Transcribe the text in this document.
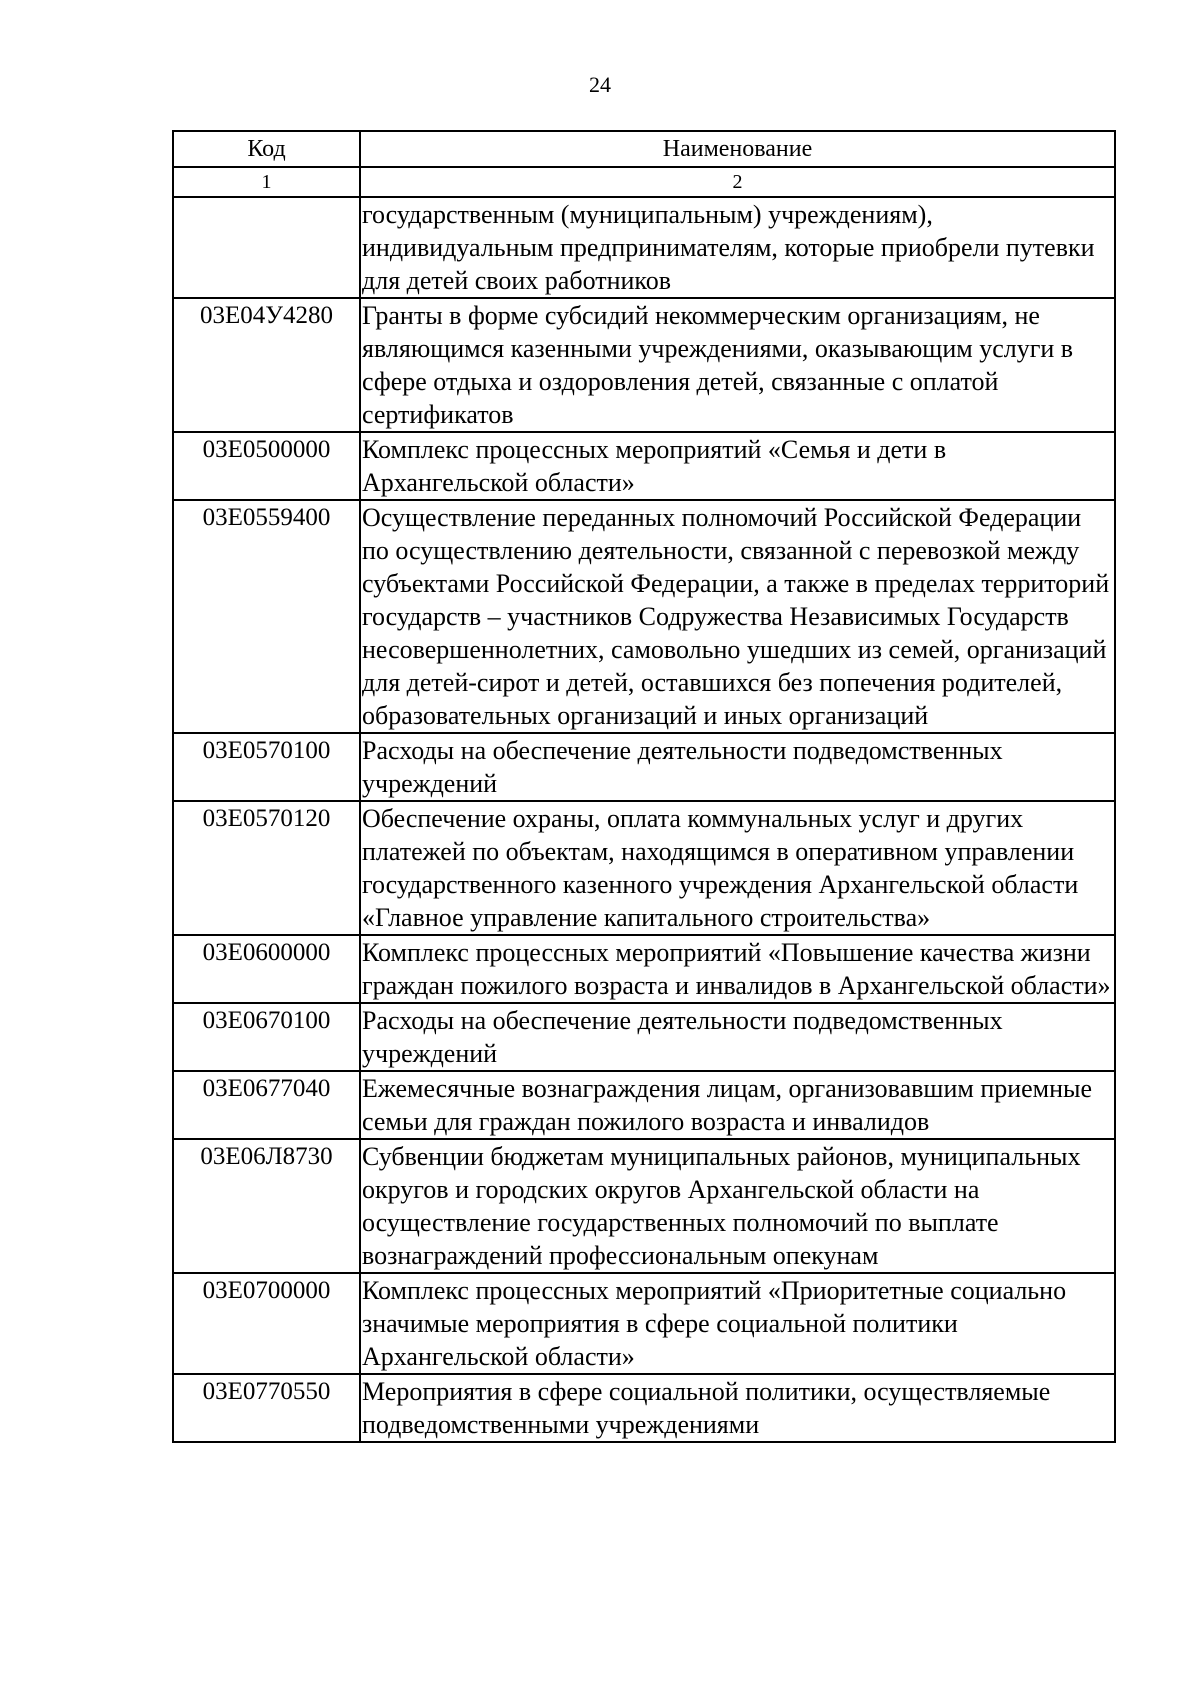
24
Код	Наименование
1	2
	государственным (муниципальным) учреждениям), индивидуальным предпринимателям, которые приобрели путевки для детей своих работников
03Е04У4280	Гранты в форме субсидий некоммерческим организациям, не являющимся казенными учреждениями, оказывающим услуги в сфере отдыха и оздоровления детей, связанные с оплатой сертификатов
03Е0500000	Комплекс процессных мероприятий «Семья и дети в Архангельской области»
03Е0559400	Осуществление переданных полномочий Российской Федерации по осуществлению деятельности, связанной с перевозкой между субъектами Российской Федерации, а также в пределах территорий государств – участников Содружества Независимых Государств несовершеннолетних, самовольно ушедших из семей, организаций для детей-сирот и детей, оставшихся без попечения родителей, образовательных организаций и иных организаций
03Е0570100	Расходы на обеспечение деятельности подведомственных учреждений
03Е0570120	Обеспечение охраны, оплата коммунальных услуг и других платежей по объектам, находящимся в оперативном управлении государственного казенного учреждения Архангельской области «Главное управление капитального строительства»
03Е0600000	Комплекс процессных мероприятий «Повышение качества жизни граждан пожилого возраста и инвалидов в Архангельской области»
03Е0670100	Расходы на обеспечение деятельности подведомственных учреждений
03Е0677040	Ежемесячные вознаграждения лицам, организовавшим приемные семьи для граждан пожилого возраста и инвалидов
03Е06Л8730	Субвенции бюджетам муниципальных районов, муниципальных округов и городских округов Архангельской области на осуществление государственных полномочий по выплате вознаграждений профессиональным опекунам
03Е0700000	Комплекс процессных мероприятий «Приоритетные социально значимые мероприятия в сфере социальной политики Архангельской области»
03Е0770550	Мероприятия в сфере социальной политики, осуществляемые подведомственными учреждениями
